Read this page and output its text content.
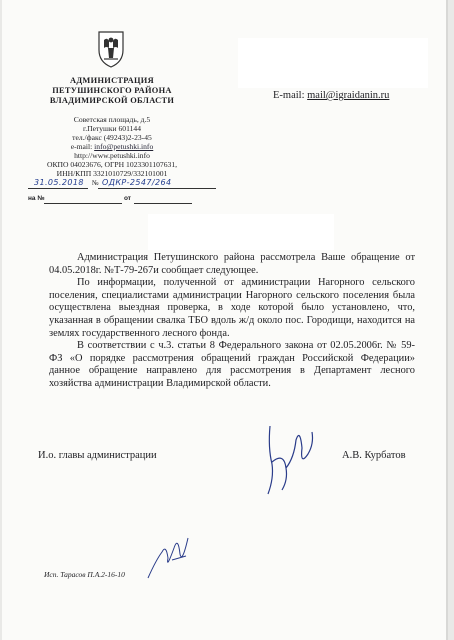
АДМИНИСТРАЦИЯ
ПЕТУШИНСКОГО РАЙОНА
ВЛАДИМИРСКОЙ ОБЛАСТИ
Советская площадь, д.5
г.Петушки 601144
тел./факс (49243)2-23-45
e-mail: info@petushki.info
http://www.petushki.info
ОКПО 04023676, ОГРН 1023301107631,
ИНН/КПП 3321010729/332101001
31.05.2018 № ОДКР-2547/264
на №	от
E-mail: mail@igraidanin.ru

Администрация Петушинского района рассмотрела Ваше обращение от 04.05.2018г. №Т-79-267и сообщает следующее.

По информации, полученной от администрации Нагорного сельского поселения, специалистами администрации Нагорного сельского поселения была осуществлена выездная проверка, в ходе которой было установлено, что, указанная в обращении свалка ТБО вдоль ж/д около пос. Городищи, находится на землях государственного лесного фонда.

В соответствии с ч.3. статьи 8 Федерального закона от 02.05.2006г. № 59-ФЗ «О порядке рассмотрения обращений граждан Российской Федерации» данное обращение направлено для рассмотрения в Департамент лесного хозяйства администрации Владимирской области.

И.о. главы администрации	А.В. Курбатов
Исп. Тарасов П.А.2-16-10
